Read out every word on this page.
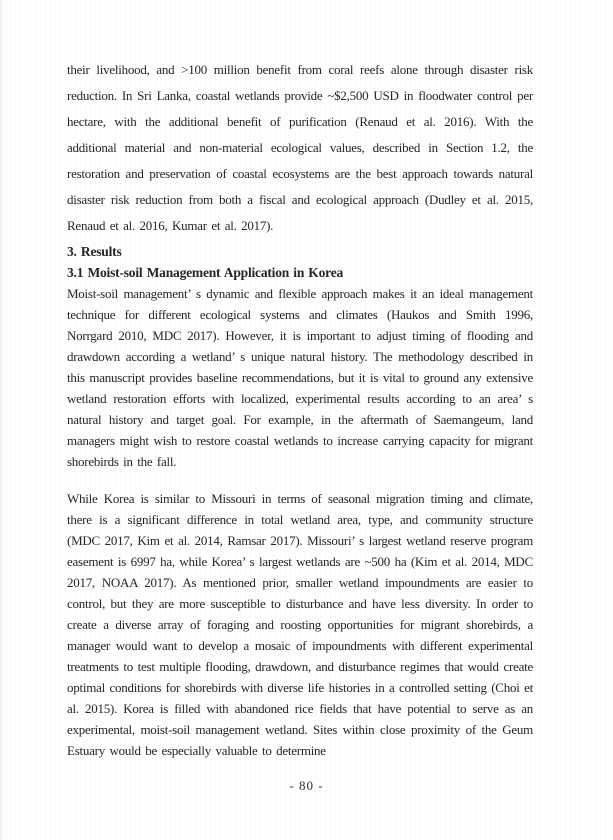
their livelihood, and >100 million benefit from coral reefs alone through disaster risk reduction. In Sri Lanka, coastal wetlands provide ~$2,500 USD in floodwater control per hectare, with the additional benefit of purification (Renaud et al. 2016). With the additional material and non-material ecological values, described in Section 1.2, the restoration and preservation of coastal ecosystems are the best approach towards natural disaster risk reduction from both a fiscal and ecological approach (Dudley et al. 2015, Renaud et al. 2016, Kumar et al. 2017).

3. Results
3.1 Moist-soil Management Application in Korea

Moist-soil management’ s dynamic and flexible approach makes it an ideal management technique for different ecological systems and climates (Haukos and Smith 1996, Norrgard 2010, MDC 2017). However, it is important to adjust timing of flooding and drawdown according a wetland’ s unique natural history. The methodology described in this manuscript provides baseline recommendations, but it is vital to ground any extensive wetland restoration efforts with localized, experimental results according to an area’ s natural history and target goal. For example, in the aftermath of Saemangeum, land managers might wish to restore coastal wetlands to increase carrying capacity for migrant shorebirds in the fall.

While Korea is similar to Missouri in terms of seasonal migration timing and climate, there is a significant difference in total wetland area, type, and community structure (MDC 2017, Kim et al. 2014, Ramsar 2017). Missouri’ s largest wetland reserve program easement is 6997 ha, while Korea’ s largest wetlands are ~500 ha (Kim et al. 2014, MDC 2017, NOAA 2017). As mentioned prior, smaller wetland impoundments are easier to control, but they are more susceptible to disturbance and have less diversity. In order to create a diverse array of foraging and roosting opportunities for migrant shorebirds, a manager would want to develop a mosaic of impoundments with different experimental treatments to test multiple flooding, drawdown, and disturbance regimes that would create optimal conditions for shorebirds with diverse life histories in a controlled setting (Choi et al. 2015). Korea is filled with abandoned rice fields that have potential to serve as an experimental, moist-soil management wetland. Sites within close proximity of the Geum Estuary would be especially valuable to determine

- 80 -
